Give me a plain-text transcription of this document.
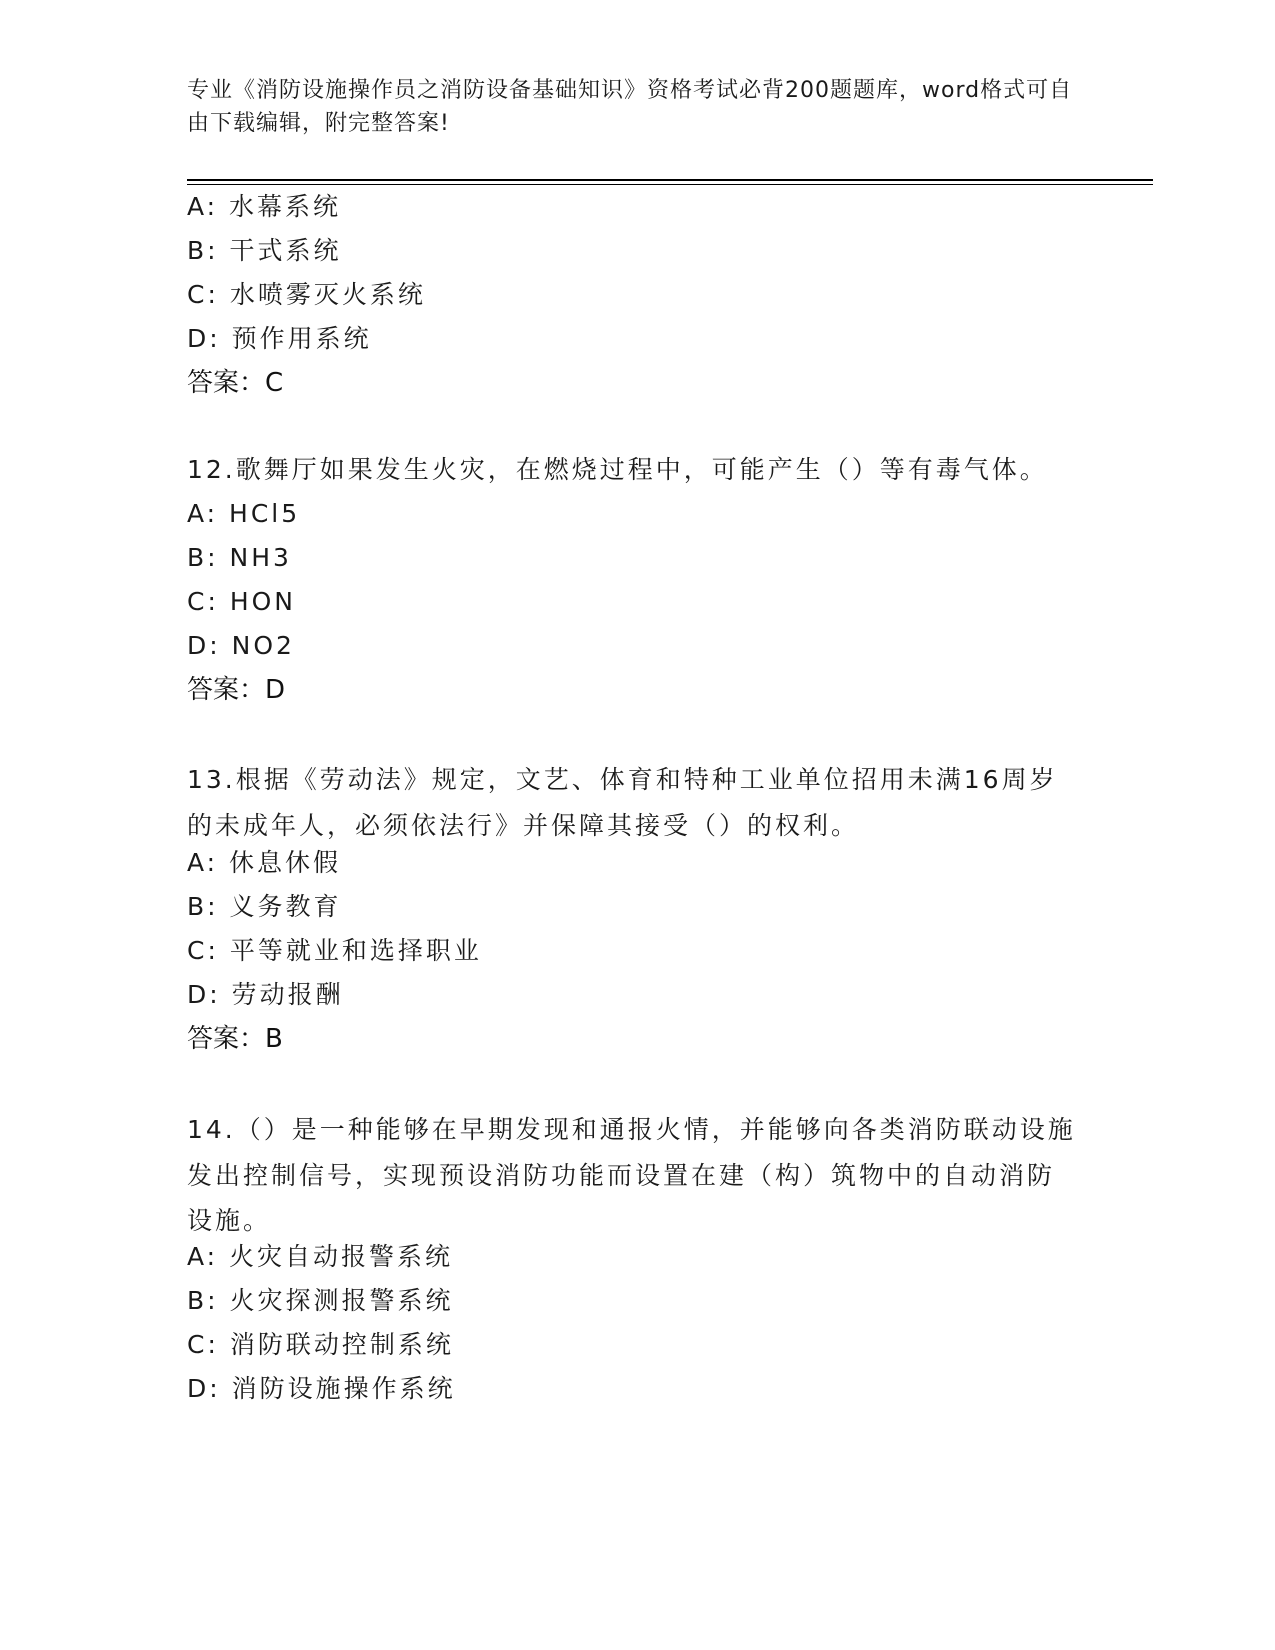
专业《消防设施操作员之消防设备基础知识》资格考试必背200题题库，word格式可自由下载编辑，附完整答案!
A: 水幕系统
B: 干式系统
C: 水喷雾灭火系统
D: 预作用系统
答案：C
12.歌舞厅如果发生火灾，在燃烧过程中，可能产生（）等有毒气体。
A: HCl5
B: NH3
C: HON
D: NO2
答案：D
13.根据《劳动法》规定，文艺、体育和特种工业单位招用未满16周岁的未成年人，必须依法行》并保障其接受（）的权利。
A: 休息休假
B: 义务教育
C: 平等就业和选择职业
D: 劳动报酬
答案：B
14.（）是一种能够在早期发现和通报火情，并能够向各类消防联动设施发出控制信号，实现预设消防功能而设置在建（构）筑物中的自动消防设施。
A: 火灾自动报警系统
B: 火灾探测报警系统
C: 消防联动控制系统
D: 消防设施操作系统
